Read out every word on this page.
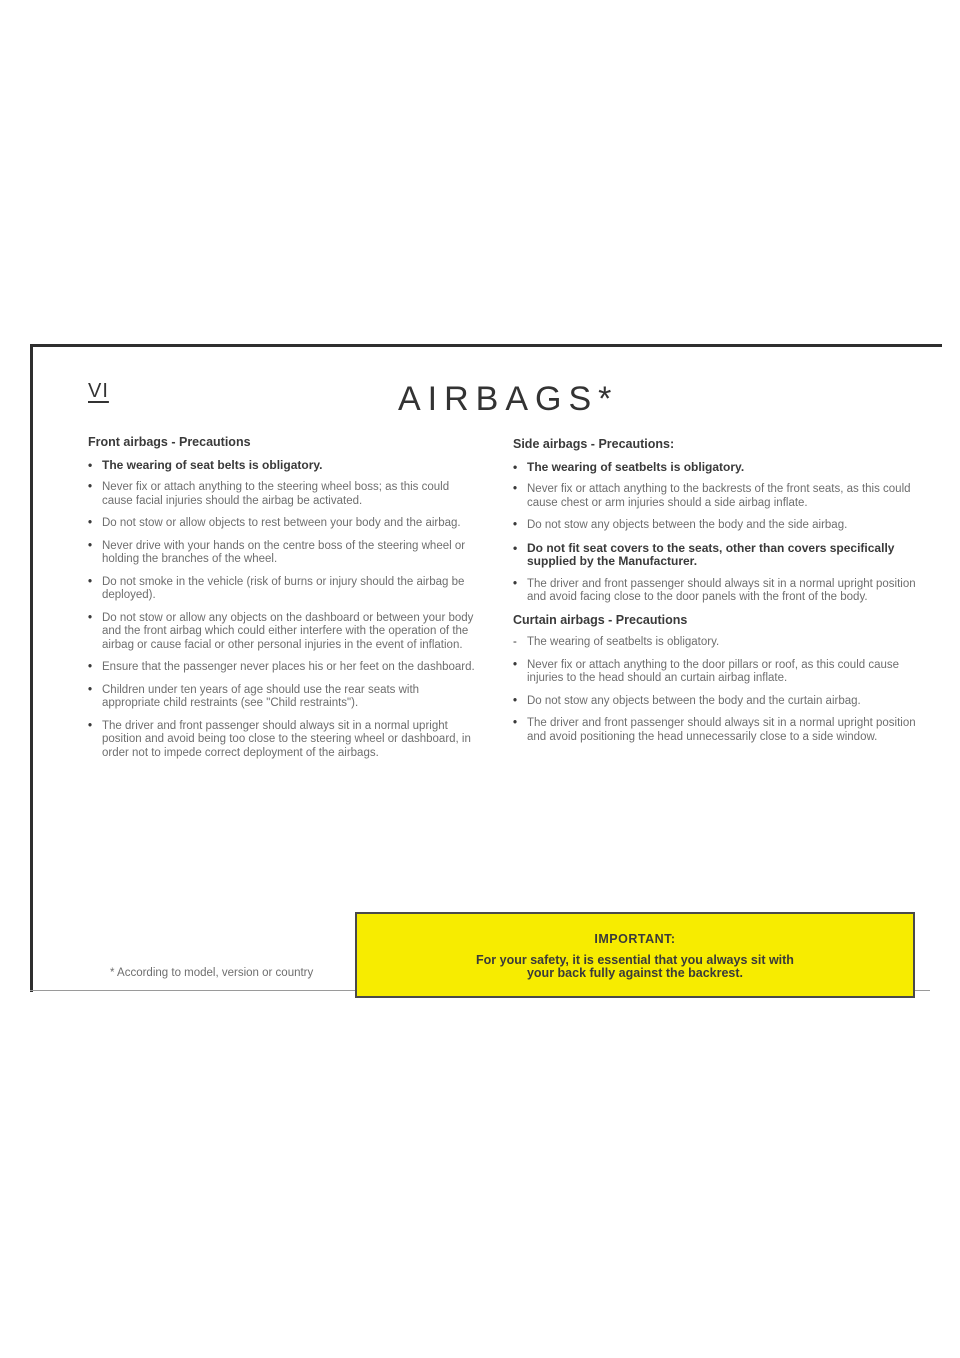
VI	AIRBAGS*
Front airbags - Precautions
• The wearing of seat belts is obligatory.
• Never fix or attach anything to the steering wheel boss; as this could cause facial injuries should the airbag be activated.
• Do not stow or allow objects to rest between your body and the airbag.
• Never drive with your hands on the centre boss of the steering wheel or holding the branches of the wheel.
• Do not smoke in the vehicle (risk of burns or injury should the airbag be deployed).
• Do not stow or allow any objects on the dashboard or between your body and the front airbag which could either interfere with the operation of the airbag or cause facial or other personal injuries in the event of inflation.
• Ensure that the passenger never places his or her feet on the dashboard.
• Children under ten years of age should use the rear seats with appropriate child restraints (see "Child restraints").
• The driver and front passenger should always sit in a normal upright position and avoid being too close to the steering wheel or dashboard, in order not to impede correct deployment of the airbags.
Side airbags - Precautions:
• The wearing of seatbelts is obligatory.
• Never fix or attach anything to the backrests of the front seats, as this could cause chest or arm injuries should a side airbag inflate.
• Do not stow any objects between the body and the side airbag.
• Do not fit seat covers to the seats, other than covers specifically supplied by the Manufacturer.
• The driver and front passenger should always sit in a normal upright position and avoid facing close to the door panels with the front of the body.
Curtain airbags - Precautions
- The wearing of seatbelts is obligatory.
• Never fix or attach anything to the door pillars or roof, as this could cause injuries to the head should an curtain airbag inflate.
• Do not stow any objects between the body and the curtain airbag.
• The driver and front passenger should always sit in a normal upright position and avoid positioning the head unnecessarily close to a side window.
* According to model, version or country
IMPORTANT:
For your safety, it is essential that you always sit with your back fully against the backrest.
